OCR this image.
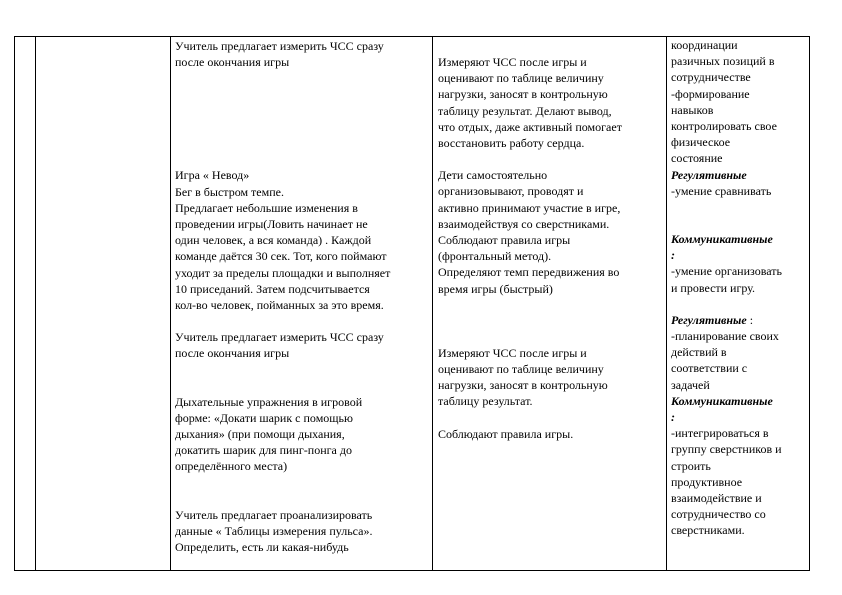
Учитель предлагает измерить ЧСС сразу

после окончания игры

Игра « Невод»

Бег в быстром темпе.

Предлагает небольшие изменения в

проведении игры(Ловить начинает не

один человек, а вся команда) . Каждой

команде даётся 30 сек. Тот, кого поймают

уходит за пределы площадки и выполняет

10 приседаний. Затем подсчитывается

кол-во человек, пойманных за это время.

Учитель предлагает измерить ЧСС сразу

после окончания игры

Дыхательные упражнения в игровой

форме: «Докати шарик с помощью

дыхания» (при помощи дыхания,

докатить шарик для пинг-понга до

определённого места)

Учитель предлагает проанализировать

данные « Таблицы измерения пульса».

Определить, есть ли какая-нибудь

Измеряют ЧСС после игры и

оценивают по таблице величину

нагрузки, заносят в контрольную

таблицу результат. Делают вывод,

что отдых, даже активный помогает

восстановить работу сердца.

Дети самостоятельно

организовывают, проводят и

активно принимают участие в игре,

взаимодействуя со сверстниками.

Соблюдают правила игры

(фронтальный метод).

Определяют темп передвижения во

время игры (быстрый)

Измеряют ЧСС после игры и

оценивают по таблице величину

нагрузки, заносят в контрольную

таблицу результат.

Соблюдают правила игры.

координации

разичных позиций в

сотрудничестве

-формирование

навыков

контролировать свое

физическое

состояние

Регулятивные

-умение сравнивать

Коммуникативные

:

-умение организовать

и провести игру.

Регулятивные :

-планирование своих

действий в

соответствии с

задачей

Коммуникативные

:

-интегрироваться в

группу сверстников и

строить

продуктивное

взаимодействие и

сотрудничество со

сверстниками.
